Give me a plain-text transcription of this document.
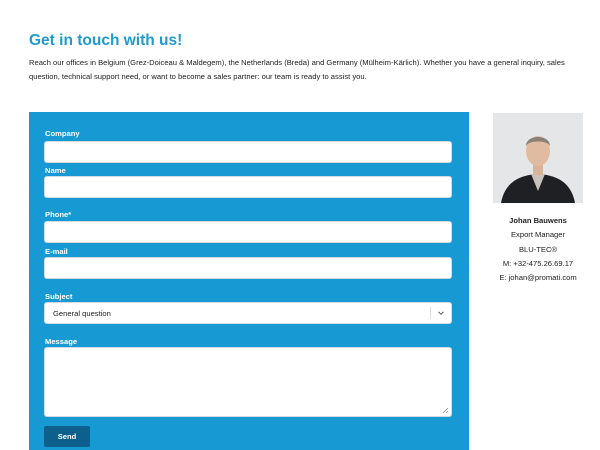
Get in touch with us!

Reach our offices in Belgium (Grez-Doiceau & Maldegem), the Netherlands (Breda) and Germany (Mülheim-Kärlich). Whether you have a general inquiry, sales question, technical support need, or want to become a sales partner: our team is ready to assist you.

Company
Name
Phone*
E-mail
Subject
General question
Message
Send
Johan Bauwens
Export Manager
BLU-TEC®
M: +32-475.26.69.17
E: johan@promati.com
